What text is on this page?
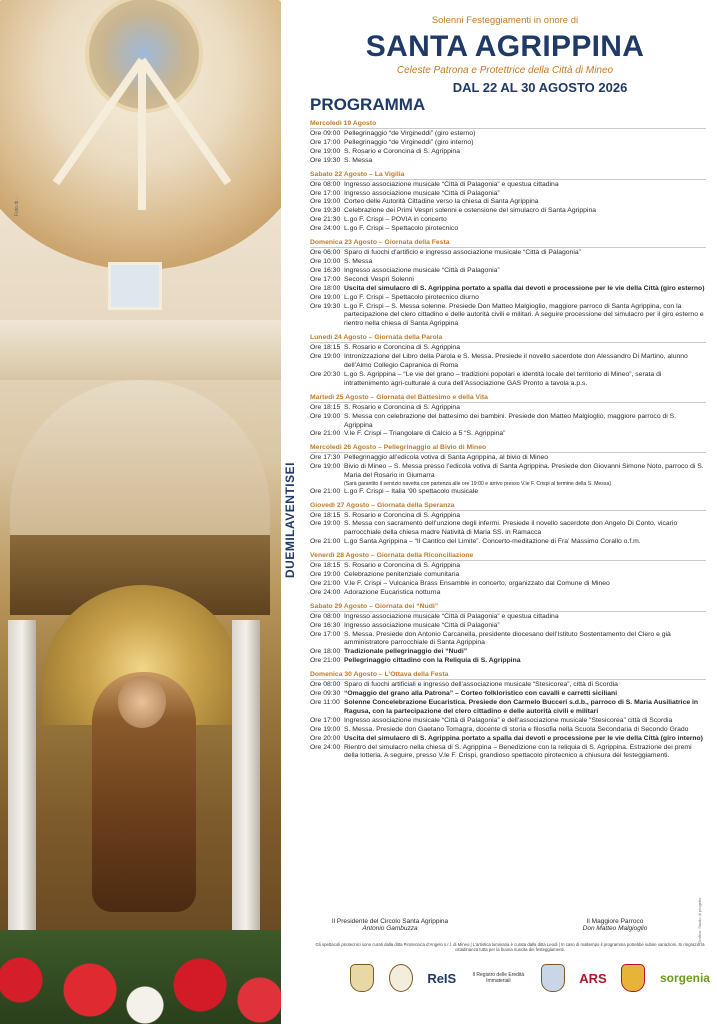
Foto di...
DUEMILAVENTISEI
Solenni Festeggiamenti in onore di
SANTA AGRIPPINA
Celeste Patrona e Protettrice della Città di Mineo
DAL 22 AL 30 AGOSTO 2026
PROGRAMMA
Mercoledì 19 Agosto
Ore 09:00 Pellegrinaggio “de Virgineddi” (giro esterno)
Ore 17:00 Pellegrinaggio “de Virgineddi” (giro interno)
Ore 19:00 S. Rosario e Coroncina di S. Agrippina
Ore 19:30 S. Messa
Sabato 22 Agosto – La Vigilia
Ore 08:00 Ingresso associazione musicale “Città di Palagonia” e questua cittadina
Ore 17:00 Ingresso associazione musicale “Città di Palagonia”
Ore 19:00 Corteo delle Autorità Cittadine verso la chiesa di Santa Agrippina
Ore 19:30 Celebrazione dei Primi Vespri solenni e ostensione del simulacro di Santa Agrippina
Ore 21:30 L.go F. Crispi – POVIA in concerto
Ore 24:00 L.go F. Crispi – Spettacolo pirotecnico
Domenica 23 Agosto – Giornata della Festa
Ore 06:00 Sparo di fuochi d’artificio e ingresso associazione musicale “Città di Palagonia”
Ore 10:00 S. Messa
Ore 16:30 Ingresso associazione musicale “Città di Palagonia”
Ore 17:00 Secondi Vespri Solenni
Ore 18:00 Uscita del simulacro di S. Agrippina portato a spalla dai devoti e processione per le vie della Città (giro esterno)
Ore 19:00 L.go F. Crispi – Spettacolo pirotecnico diurno
Ore 19:30 L.go F. Crispi – S. Messa solenne. Presiede Don Matteo Malgioglio, maggiore parroco di Santa Agrippina, con la partecipazione del clero cittadino e delle autorità civili e militari. A seguire processione del simulacro per il giro esterno e rientro nella chiesa di Santa Agrippina
Lunedì 24 Agosto – Giornata della Parola
Ore 18:15 S. Rosario e Coroncina di S. Agrippina
Ore 19:00 Intronizzazione del Libro della Parola e S. Messa. Presiede il novello sacerdote don Alessandro Di Martino, alunno dell’Almo Collegio Capranica di Roma
Ore 20:30 L.go S. Agrippina – “Le vie del grano – tradizioni popolari e identità locale del territorio di Mineo”, serata di intrattenimento agri-culturale a cura dell’Associazione GAS Pronto a tavola a.p.s.
Martedì 25 Agosto – Giornata del Battesimo e della Vita
Ore 18:15 S. Rosario e Coroncina di S. Agrippina
Ore 19:00 S. Messa con celebrazione del battesimo dei bambini. Presiede don Matteo Malgioglio, maggiore parroco di S. Agrippina
Ore 21:00 V.le F. Crispi – Triangolare di Calcio a 5 “S. Agrippina”
Mercoledì 26 Agosto – Pellegrinaggio al Bivio di Mineo
Ore 17:30 Pellegrinaggio all’edicola votiva di Santa Agrippina, al bivio di Mineo
Ore 19:00 Bivio di Mineo – S. Messa presso l’edicola votiva di Santa Agrippina. Presiede don Giovanni Simone Noto, parroco di S. Maria del Rosario in Giumarra
(Sarà garantito il servizio navetta con partenza alle ore 19:00 e arrivo presso V.le F. Crispi al termine della S. Messa)
Ore 21:00 L.go F. Crispi – Italia ’90 spettacolo musicale
Giovedì 27 Agosto – Giornata della Speranza
Ore 18:15 S. Rosario e Coroncina di S. Agrippina
Ore 19:00 S. Messa con sacramento dell’unzione degli infermi. Presiede il novello sacerdote don Angelo Di Conto, vicario parrocchiale della chiesa madre Natività di Maria SS. in Ramacca
Ore 21:00 L.go Santa Agrippina – “Il Cantico del Limite”. Concerto-meditazione di Fra’ Massimo Corallo o.f.m.
Venerdì 28 Agosto – Giornata della Riconciliazione
Ore 18:15 S. Rosario e Coroncina di S. Agrippina
Ore 19:00 Celebrazione penitenziale comunitaria
Ore 21:00 V.le F. Crispi – Vulcanica Brass Ensamble in concerto, organizzato dal Comune di Mineo
Ore 24:00 Adorazione Eucaristica notturna
Sabato 29 Agosto – Giornata dei “Nudi”
Ore 08:00 Ingresso associazione musicale “Città di Palagonia” e questua cittadina
Ore 16:30 Ingresso associazione musicale “Città di Palagonia”
Ore 17:00 S. Messa. Presiede don Antonio Carcanella, presidente diocesano dell’Istituto Sostentamento del Clero e già amministratore parrocchiale di Santa Agrippina
Ore 18:00 Tradizionale pellegrinaggio dei “Nudi”
Ore 21:00 Pellegrinaggio cittadino con la Reliquia di S. Agrippina
Domenica 30 Agosto – L’Ottava della Festa
Ore 08:00 Sparo di fuochi artificiali e ingresso dell’associazione musicale “Stesicorea”, città di Scordia
Ore 09:30 “Omaggio del grano alla Patrona” – Corteo folkloristico con cavalli e carretti siciliani
Ore 11:00 Solenne Concelebrazione Eucaristica. Presiede don Carmelo Bucceri s.d.b., parroco di S. Maria Ausiliatrice in Ragusa, con la partecipazione del clero cittadino e delle autorità civili e militari
Ore 17:00 Ingresso associazione musicale “Città di Palagonia” e dell’associazione musicale “Stesicorea” città di Scordia
Ore 19:00 S. Messa. Presiede don Gaetano Tomagra, docente di storia e filosofia nella Scuola Secondaria di Secondo Grado
Ore 20:00 Uscita del simulacro di S. Agrippina portato a spalla dai devoti e processione per le vie della Città (giro interno)
Ore 24:00 Rientro del simulacro nella chiesa di S. Agrippina – Benedizione con la reliquia di S. Agrippina. Estrazione dei premi della lotteria. A seguire, presso V.le F. Crispi, grandioso spettacolo pirotecnico a chiusura dei festeggiamenti.
Il Presidente del Circolo Santa Agrippina
Antonio Gambuzza
Il Maggiore Parroco
Don Matteo Malgioglio
Gli spettacoli pirotecnici sono curati dalla ditta Pirotecnica d’Angelo s.r.l. di Mineo | L’artistica luminaria è curata dalla ditta Leodi | In caso di maltempo il programma potrebbe subire variazioni. Si ringrazia la cittadinanza tutta per la buona riuscita dei festeggiamenti.
Grafica: Studio di progetto
ReIS	Il Registro delle Eredità Immateriali	ARS	sorgenia
